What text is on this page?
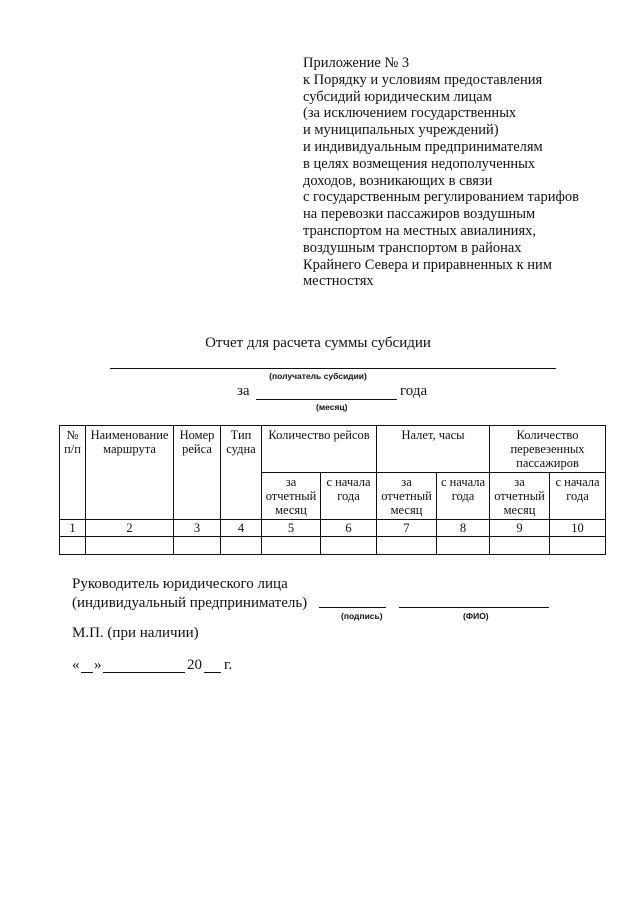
Приложение № 3
к Порядку и условиям предоставления
субсидий юридическим лицам
(за исключением государственных
и муниципальных учреждений)
и индивидуальным предпринимателям
в целях возмещения недополученных
доходов, возникающих в связи
с государственным регулированием тарифов
на перевозки пассажиров воздушным
транспортом на местных авиалиниях,
воздушным транспортом в районах
Крайнего Севера и приравненных к ним
местностях
Отчет для расчета суммы субсидии
(получатель субсидии)
за	года
(месяц)
№ п/п	Наименование маршрута	Номер рейса	Тип судна	Количество рейсов		Налет, часы		Количество перевезенных пассажиров	
				за отчетный месяц	с начала года	за отчетный месяц	с начала года	за отчетный месяц	с начала года
1	2	3	4	5	6	7	8	9	10

Руководитель юридического лица
(индивидуальный предприниматель)
(подпись)	(ФИО)
М.П. (при наличии)
« »	20 г.
